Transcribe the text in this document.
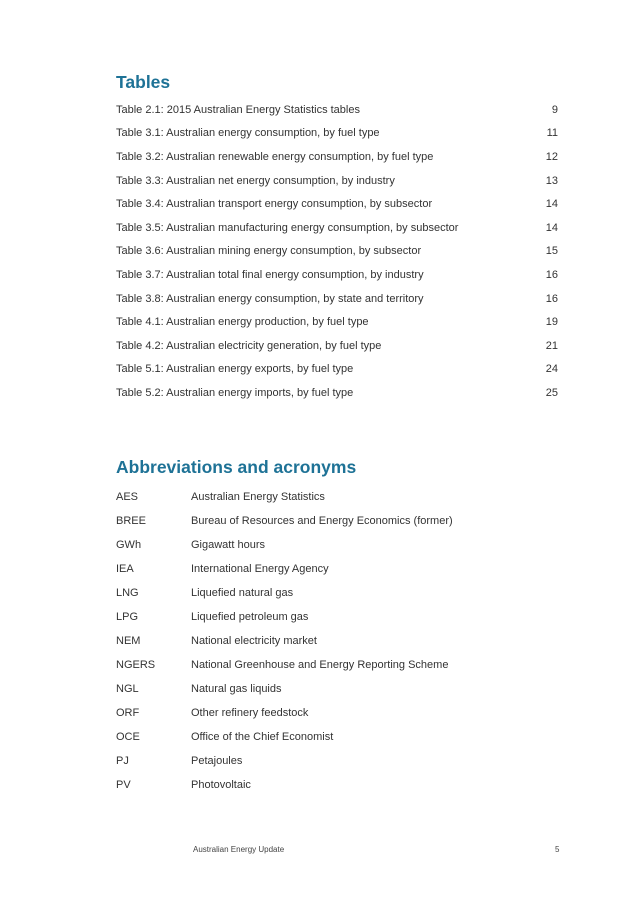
Tables
Table 2.1: 2015 Australian Energy Statistics tables	9
Table 3.1: Australian energy consumption, by fuel type	11
Table 3.2: Australian renewable energy consumption, by fuel type	12
Table 3.3: Australian net energy consumption, by industry	13
Table 3.4: Australian transport energy consumption, by subsector	14
Table 3.5: Australian manufacturing energy consumption, by subsector	14
Table 3.6: Australian mining energy consumption, by subsector	15
Table 3.7: Australian total final energy consumption, by industry	16
Table 3.8: Australian energy consumption, by state and territory	16
Table 4.1: Australian energy production, by fuel type	19
Table 4.2: Australian electricity generation, by fuel type	21
Table 5.1: Australian energy exports, by fuel type	24
Table 5.2: Australian energy imports, by fuel type	25
Abbreviations and acronyms
AES	Australian Energy Statistics
BREE	Bureau of Resources and Energy Economics (former)
GWh	Gigawatt hours
IEA	International Energy Agency
LNG	Liquefied natural gas
LPG	Liquefied petroleum gas
NEM	National electricity market
NGERS	National Greenhouse and Energy Reporting Scheme
NGL	Natural gas liquids
ORF	Other refinery feedstock
OCE	Office of the Chief Economist
PJ	Petajoules
PV	Photovoltaic
Australian Energy Update	5
